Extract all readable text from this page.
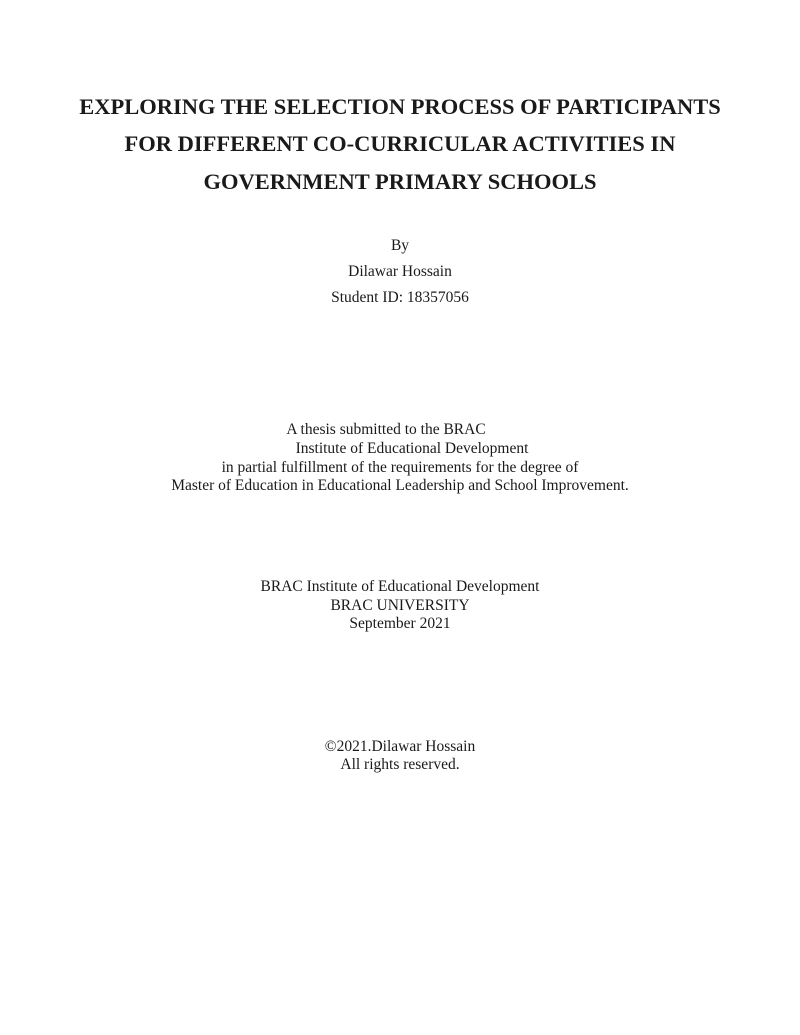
EXPLORING THE SELECTION PROCESS OF PARTICIPANTS
FOR DIFFERENT CO-CURRICULAR ACTIVITIES IN
GOVERNMENT PRIMARY SCHOOLS
By
Dilawar Hossain
Student ID: 18357056
A thesis submitted to the BRAC
Institute of Educational Development
in partial fulfillment of the requirements for the degree of
Master of Education in Educational Leadership and School Improvement.
BRAC Institute of Educational Development
BRAC UNIVERSITY
September 2021
©2021.Dilawar Hossain
All rights reserved.
